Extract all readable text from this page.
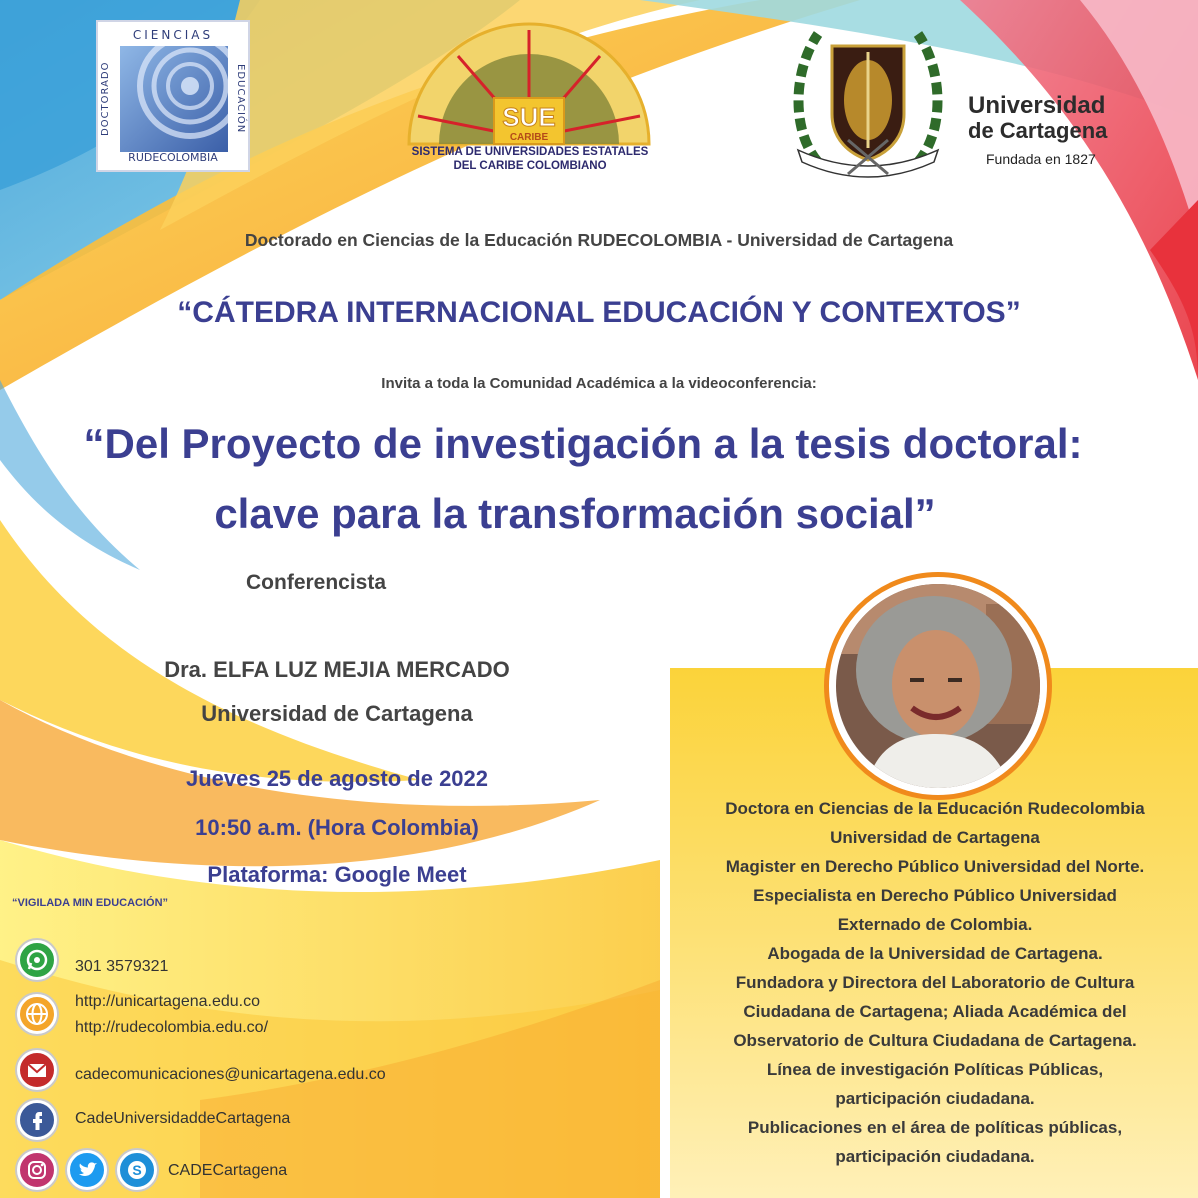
CIENCIAS
DOCTORADO	EDUCACIÓN
RUDECOLOMBIA
SUE
CARIBE
SISTEMA DE UNIVERSIDADES ESTATALES
DEL CARIBE COLOMBIANO
Universidad
de Cartagena
Fundada en 1827
Doctorado en Ciencias de la Educación RUDECOLOMBIA - Universidad de Cartagena
“CÁTEDRA INTERNACIONAL EDUCACIÓN Y CONTEXTOS”
Invita a toda la Comunidad Académica a la videoconferencia:
“Del Proyecto de investigación a la tesis doctoral:
clave para la transformación social”
Conferencista
Dra. ELFA LUZ MEJIA MERCADO
Universidad de Cartagena
Jueves 25 de agosto de 2022
10:50 a.m. (Hora Colombia)
Plataforma: Google Meet
“VIGILADA MIN EDUCACIÓN”
Doctora en Ciencias de la Educación Rudecolombia
Universidad de Cartagena
Magister en Derecho Público Universidad del Norte.
Especialista en Derecho Público Universidad
Externado de Colombia.
Abogada de la Universidad de Cartagena.
Fundadora y Directora del Laboratorio de Cultura
Ciudadana de Cartagena; Aliada Académica del
Observatorio de Cultura Ciudadana de Cartagena.
Línea de investigación Políticas Públicas,
participación ciudadana.
Publicaciones en el área de políticas públicas,
participación ciudadana.
301 3579321
http://unicartagena.edu.co
http://rudecolombia.edu.co/
cadecomunicaciones@unicartagena.edu.co
CadeUniversidaddeCartagena
S CADECartagena
